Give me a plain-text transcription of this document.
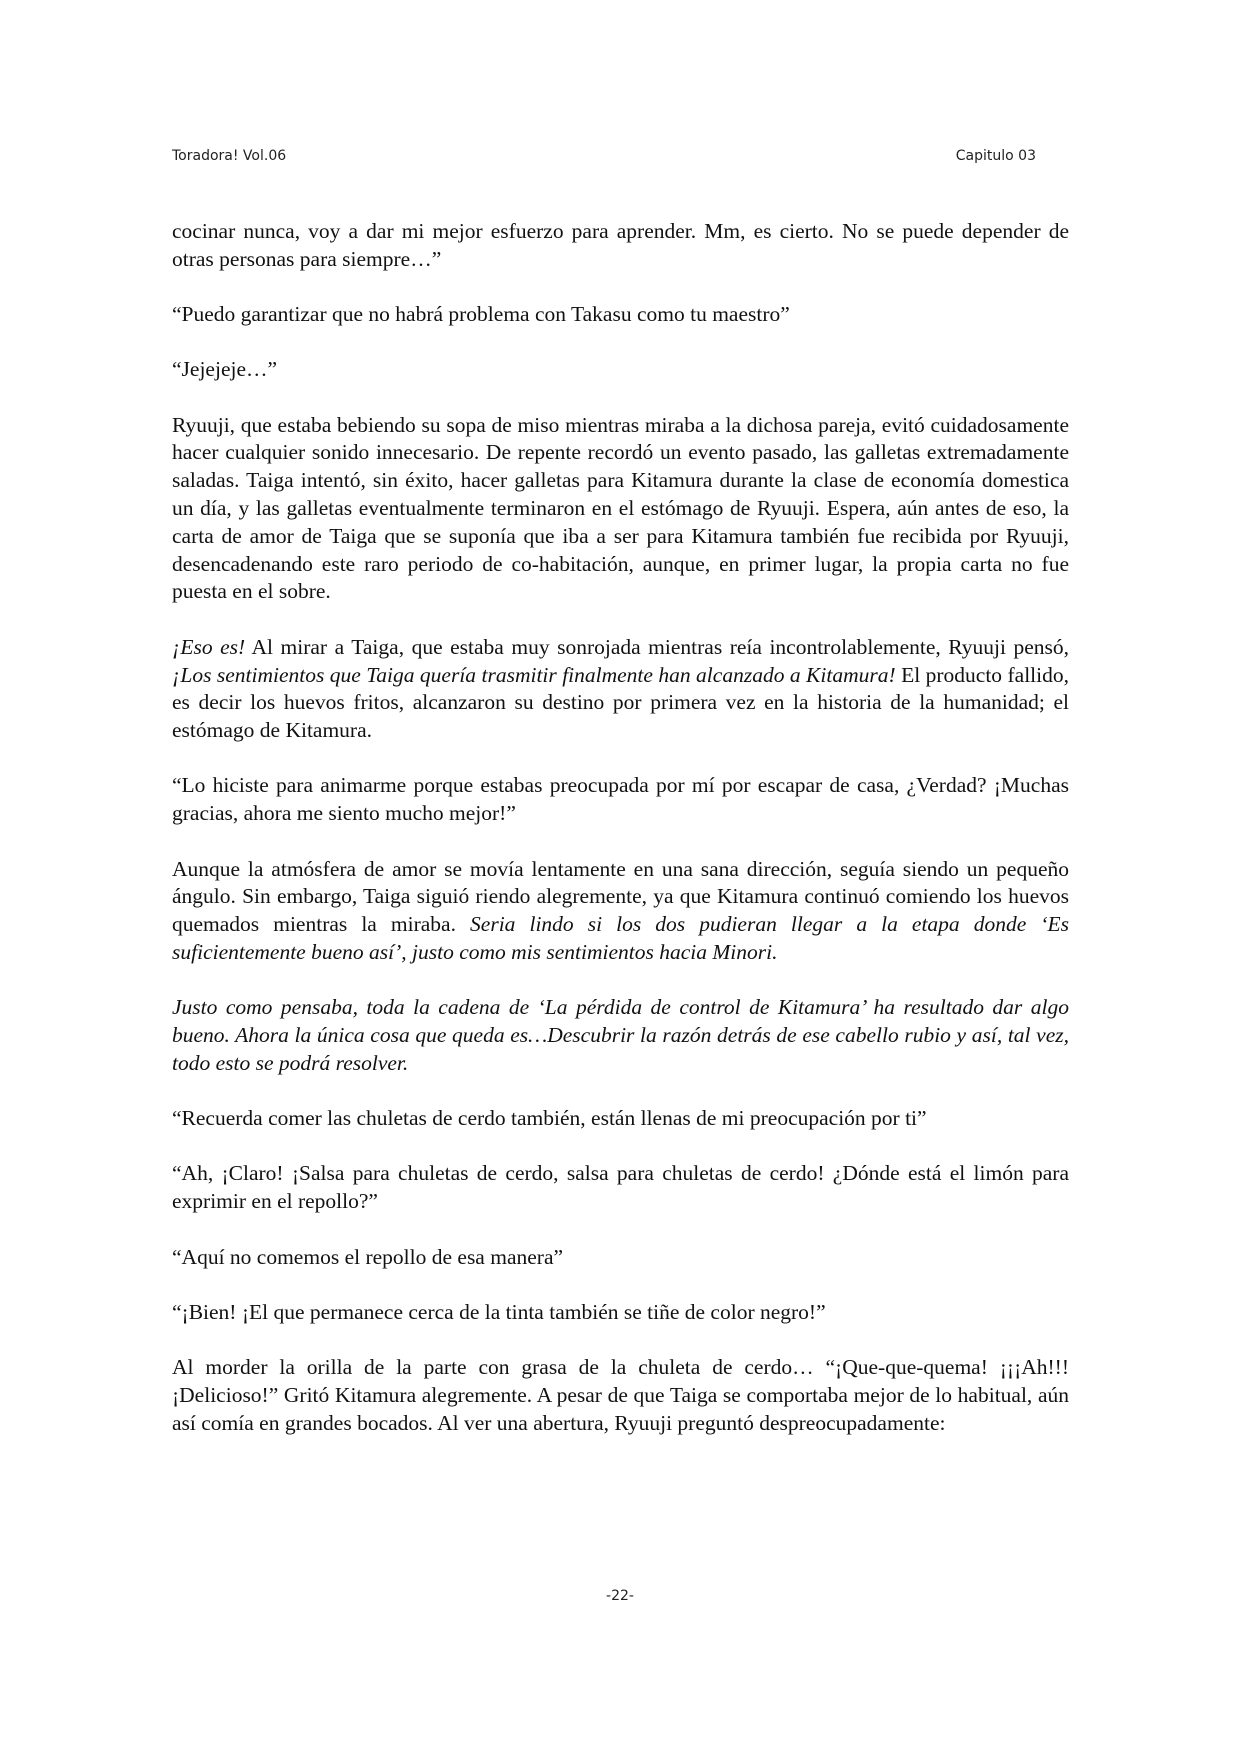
Toradora! Vol.06	Capitulo 03

cocinar nunca, voy a dar mi mejor esfuerzo para aprender. Mm, es cierto. No se puede depender de otras personas para siempre…”

“Puedo garantizar que no habrá problema con Takasu como tu maestro”

“Jejejeje…”

Ryuuji, que estaba bebiendo su sopa de miso mientras miraba a la dichosa pareja, evitó cuidadosamente hacer cualquier sonido innecesario. De repente recordó un evento pasado, las galletas extremadamente saladas. Taiga intentó, sin éxito, hacer galletas para Kitamura durante la clase de economía domestica un día, y las galletas eventualmente terminaron en el estómago de Ryuuji. Espera, aún antes de eso, la carta de amor de Taiga que se suponía que iba a ser para Kitamura también fue recibida por Ryuuji, desencadenando este raro periodo de co-habitación, aunque, en primer lugar, la propia carta no fue puesta en el sobre.

¡Eso es! Al mirar a Taiga, que estaba muy sonrojada mientras reía incontrolablemente, Ryuuji pensó, ¡Los sentimientos que Taiga quería trasmitir finalmente han alcanzado a Kitamura! El producto fallido, es decir los huevos fritos, alcanzaron su destino por primera vez en la historia de la humanidad; el estómago de Kitamura.

“Lo hiciste para animarme porque estabas preocupada por mí por escapar de casa, ¿Verdad? ¡Muchas gracias, ahora me siento mucho mejor!”

Aunque la atmósfera de amor se movía lentamente en una sana dirección, seguía siendo un pequeño ángulo. Sin embargo, Taiga siguió riendo alegremente, ya que Kitamura continuó comiendo los huevos quemados mientras la miraba. Seria lindo si los dos pudieran llegar a la etapa donde ‘Es suficientemente bueno así’, justo como mis sentimientos hacia Minori.

Justo como pensaba, toda la cadena de ‘La pérdida de control de Kitamura’ ha resultado dar algo bueno. Ahora la única cosa que queda es…Descubrir la razón detrás de ese cabello rubio y así, tal vez, todo esto se podrá resolver.

“Recuerda comer las chuletas de cerdo también, están llenas de mi preocupación por ti”

“Ah, ¡Claro! ¡Salsa para chuletas de cerdo, salsa para chuletas de cerdo! ¿Dónde está el limón para exprimir en el repollo?”

“Aquí no comemos el repollo de esa manera”

“¡Bien! ¡El que permanece cerca de la tinta también se tiñe de color negro!”

Al morder la orilla de la parte con grasa de la chuleta de cerdo… “¡Que-que-quema! ¡¡¡Ah!!!¡Delicioso!” Gritó Kitamura alegremente. A pesar de que Taiga se comportaba mejor de lo habitual, aún así comía en grandes bocados. Al ver una abertura, Ryuuji preguntó despreocupadamente:

-22-
